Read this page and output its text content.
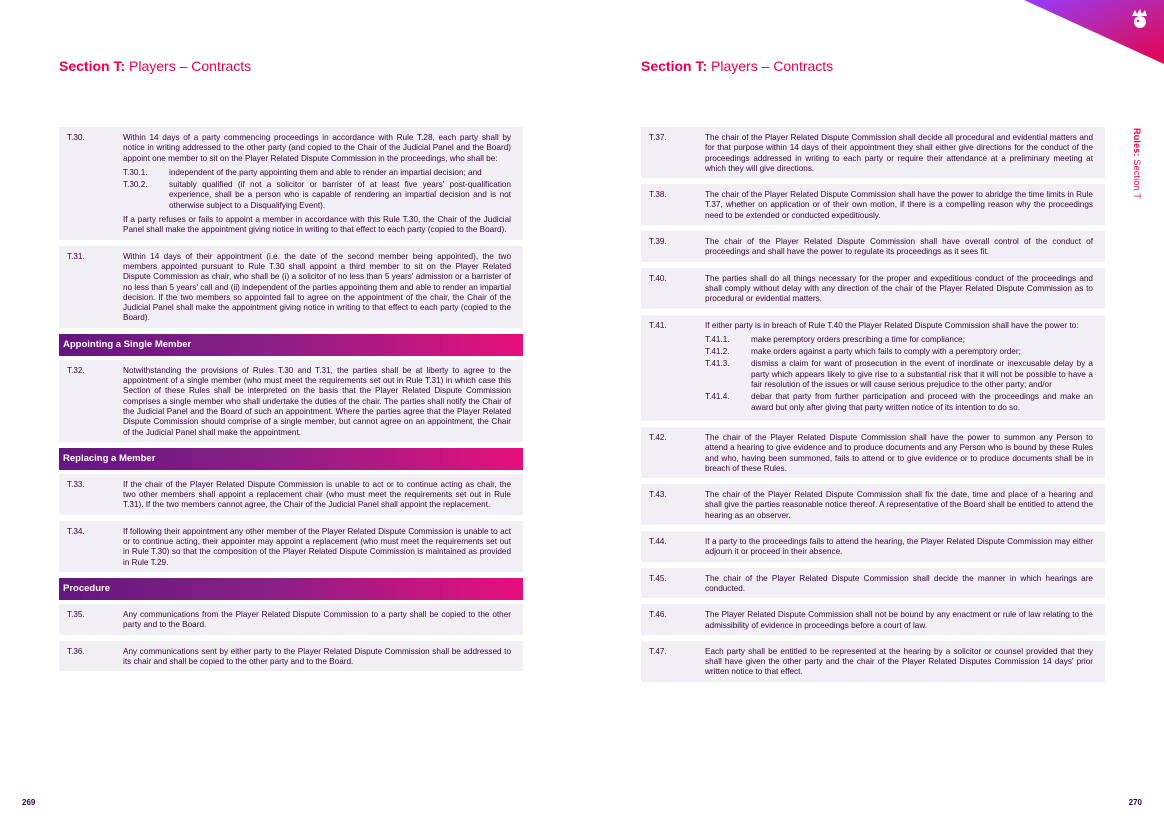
Section T: Players – Contracts	Section T: Players – Contracts
Rules: Section T
T.30.	Within 14 days of a party commencing proceedings in accordance with Rule T.28, each party shall by notice in writing addressed to the other party (and copied to the Chair of the Judicial Panel and the Board) appoint one member to sit on the Player Related Dispute Commission in the proceedings, who shall be:

T.30.1.	independent of the party appointing them and able to render an impartial decision; and
T.30.2.	suitably qualified (if not a solicitor or barrister of at least five years' post-qualification experience, shall be a person who is capable of rendering an impartial decision and is not otherwise subject to a Disqualifying Event).

If a party refuses or fails to appoint a member in accordance with this Rule T.30, the Chair of the Judicial Panel shall make the appointment giving notice in writing to that effect to each party (copied to the Board).

T.31.	Within 14 days of their appointment (i.e. the date of the second member being appointed), the two members appointed pursuant to Rule T.30 shall appoint a third member to sit on the Player Related Dispute Commission as chair, who shall be (i) a solicitor of no less than 5 years' admission or a barrister of no less than 5 years' call and (ii) independent of the parties appointing them and able to render an impartial decision. If the two members so appointed fail to agree on the appointment of the chair, the Chair of the Judicial Panel shall make the appointment giving notice in writing to that effect to each party (copied to the Board).

Appointing a Single Member
T.32.	Notwithstanding the provisions of Rules T.30 and T.31, the parties shall be at liberty to agree to the appointment of a single member (who must meet the requirements set out in Rule T.31) in which case this Section of these Rules shall be interpreted on the basis that the Player Related Dispute Commission comprises a single member who shall undertake the duties of the chair. The parties shall notify the Chair of the Judicial Panel and the Board of such an appointment. Where the parties agree that the Player Related Dispute Commission should comprise of a single member, but cannot agree on an appointment, the Chair of the Judicial Panel shall make the appointment.

Replacing a Member
T.33.	If the chair of the Player Related Dispute Commission is unable to act or to continue acting as chair, the two other members shall appoint a replacement chair (who must meet the requirements set out in Rule T.31). If the two members cannot agree, the Chair of the Judicial Panel shall appoint the replacement.

T.34.	If following their appointment any other member of the Player Related Dispute Commission is unable to act or to continue acting, their appointer may appoint a replacement (who must meet the requirements set out in Rule T.30) so that the composition of the Player Related Dispute Commission is maintained as provided in Rule T.29.

Procedure
T.35.	Any communications from the Player Related Dispute Commission to a party shall be copied to the other party and to the Board.

T.36.	Any communications sent by either party to the Player Related Dispute Commission shall be addressed to its chair and shall be copied to the other party and to the Board.

T.37.	The chair of the Player Related Dispute Commission shall decide all procedural and evidential matters and for that purpose within 14 days of their appointment they shall either give directions for the conduct of the proceedings addressed in writing to each party or require their attendance at a preliminary meeting at which they will give directions.

T.38.	The chair of the Player Related Dispute Commission shall have the power to abridge the time limits in Rule T.37, whether on application or of their own motion, if there is a compelling reason why the proceedings need to be extended or conducted expeditiously.

T.39.	The chair of the Player Related Dispute Commission shall have overall control of the conduct of proceedings and shall have the power to regulate its proceedings as it sees fit.

T.40.	The parties shall do all things necessary for the proper and expeditious conduct of the proceedings and shall comply without delay with any direction of the chair of the Player Related Dispute Commission as to procedural or evidential matters.

T.41.	If either party is in breach of Rule T.40 the Player Related Dispute Commission shall have the power to:

T.41.1.	make peremptory orders prescribing a time for compliance;
T.41.2.	make orders against a party which fails to comply with a peremptory order;
T.41.3.	dismiss a claim for want of prosecution in the event of inordinate or inexcusable delay by a party which appears likely to give rise to a substantial risk that it will not be possible to have a fair resolution of the issues or will cause serious prejudice to the other party; and/or
T.41.4.	debar that party from further participation and proceed with the proceedings and make an award but only after giving that party written notice of its intention to do so.
T.42.	The chair of the Player Related Dispute Commission shall have the power to summon any Person to attend a hearing to give evidence and to produce documents and any Person who is bound by these Rules and who, having been summoned, fails to attend or to give evidence or to produce documents shall be in breach of these Rules.

T.43.	The chair of the Player Related Dispute Commission shall fix the date, time and place of a hearing and shall give the parties reasonable notice thereof. A representative of the Board shall be entitled to attend the hearing as an observer.

T.44.	If a party to the proceedings fails to attend the hearing, the Player Related Dispute Commission may either adjourn it or proceed in their absence.

T.45.	The chair of the Player Related Dispute Commission shall decide the manner in which hearings are conducted.

T.46.	The Player Related Dispute Commission shall not be bound by any enactment or rule of law relating to the admissibility of evidence in proceedings before a court of law.

T.47.	Each party shall be entitled to be represented at the hearing by a solicitor or counsel provided that they shall have given the other party and the chair of the Player Related Disputes Commission 14 days' prior written notice to that effect.

269	270
